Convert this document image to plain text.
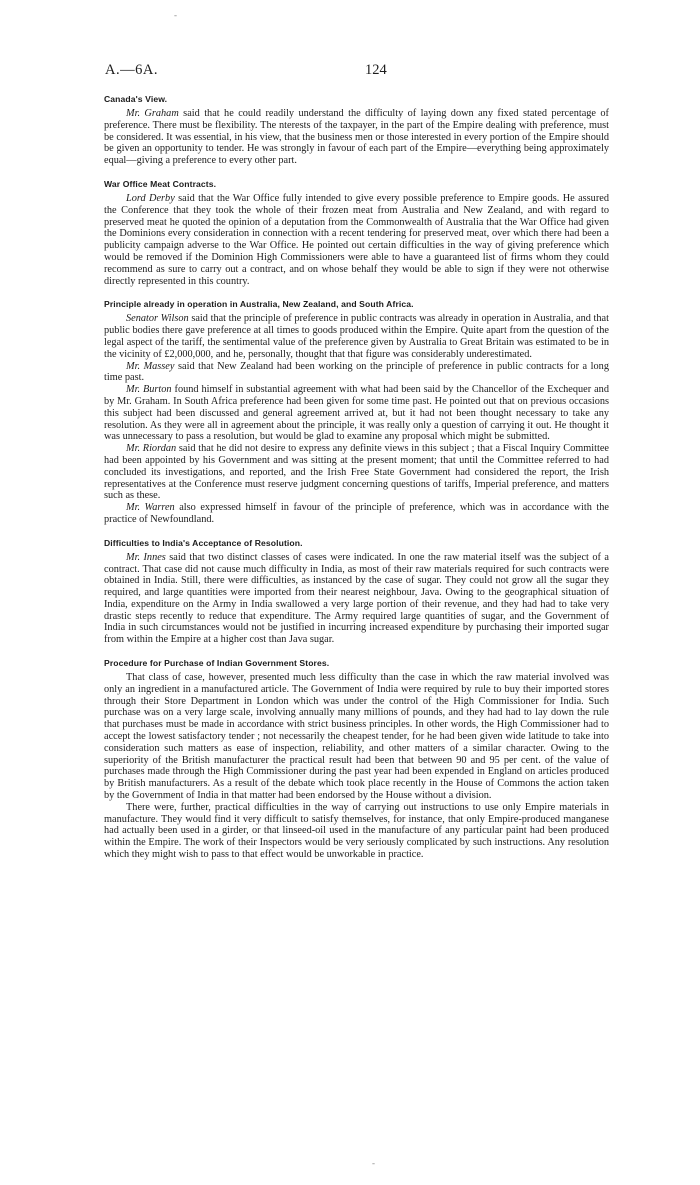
-
A.—6A.	124
Canada's View.

Mr. Graham said that he could readily understand the difficulty of laying down any fixed stated percentage of preference. There must be flexibility. The nterests of the taxpayer, in the part of the Empire dealing with preference, must be considered. It was essential, in his view, that the business men or those interested in every portion of the Empire should be given an opportunity to tender. He was strongly in favour of each part of the Empire—everything being approximately equal—giving a preference to every other part.

War Office Meat Contracts.

Lord Derby said that the War Office fully intended to give every possible preference to Empire goods. He assured the Conference that they took the whole of their frozen meat from Australia and New Zealand, and with regard to preserved meat he quoted the opinion of a deputation from the Commonwealth of Australia that the War Office had given the Dominions every consideration in connection with a recent tendering for preserved meat, over which there had been a publicity campaign adverse to the War Office. He pointed out certain difficulties in the way of giving preference which would be removed if the Dominion High Commissioners were able to have a guaranteed list of firms whom they could recommend as sure to carry out a contract, and on whose behalf they would be able to sign if they were not otherwise directly represented in this country.

Principle already in operation in Australia, New Zealand, and South Africa.

Senator Wilson said that the principle of preference in public contracts was already in operation in Australia, and that public bodies there gave preference at all times to goods produced within the Empire. Quite apart from the question of the legal aspect of the tariff, the sentimental value of the preference given by Australia to Great Britain was estimated to be in the vicinity of £2,000,000, and he, personally, thought that that figure was considerably underestimated.

Mr. Massey said that New Zealand had been working on the principle of preference in public contracts for a long time past.

Mr. Burton found himself in substantial agreement with what had been said by the Chancellor of the Exchequer and by Mr. Graham. In South Africa preference had been given for some time past. He pointed out that on previous occasions this subject had been discussed and general agreement arrived at, but it had not been thought necessary to take any resolution. As they were all in agreement about the principle, it was really only a question of carrying it out. He thought it was unnecessary to pass a resolution, but would be glad to examine any proposal which might be submitted.

Mr. Riordan said that he did not desire to express any definite views in this subject ; that a Fiscal Inquiry Committee had been appointed by his Government and was sitting at the present moment; that until the Committee referred to had concluded its investigations, and reported, and the Irish Free State Government had considered the report, the Irish representatives at the Conference must reserve judgment concerning questions of tariffs, Imperial preference, and matters such as these.

Mr. Warren also expressed himself in favour of the principle of preference, which was in accordance with the practice of Newfoundland.

Difficulties to India's Acceptance of Resolution.

Mr. Innes said that two distinct classes of cases were indicated. In one the raw material itself was the subject of a contract. That case did not cause much difficulty in India, as most of their raw materials required for such contracts were obtained in India. Still, there were difficulties, as instanced by the case of sugar. They could not grow all the sugar they required, and large quantities were imported from their nearest neighbour, Java. Owing to the geographical situation of India, expenditure on the Army in India swallowed a very large portion of their revenue, and they had had to take very drastic steps recently to reduce that expenditure. The Army required large quantities of sugar, and the Government of India in such circumstances would not be justified in incurring increased expenditure by purchasing their imported sugar from within the Empire at a higher cost than Java sugar.

Procedure for Purchase of Indian Government Stores.

That class of case, however, presented much less difficulty than the case in which the raw material involved was only an ingredient in a manufactured article. The Government of India were required by rule to buy their imported stores through their Store Department in London which was under the control of the High Commissioner for India. Such purchase was on a very large scale, involving annually many millions of pounds, and they had had to lay down the rule that purchases must be made in accordance with strict business principles. In other words, the High Commissioner had to accept the lowest satisfactory tender ; not necessarily the cheapest tender, for he had been given wide latitude to take into consideration such matters as ease of inspection, reliability, and other matters of a similar character. Owing to the superiority of the British manufacturer the practical result had been that between 90 and 95 per cent. of the value of purchases made through the High Commissioner during the past year had been expended in England on articles produced by British manufacturers. As a result of the debate which took place recently in the House of Commons the action taken by the Government of India in that matter had been endorsed by the House without a division.

There were, further, practical difficulties in the way of carrying out instructions to use only Empire materials in manufacture. They would find it very difficult to satisfy themselves, for instance, that only Empire-produced manganese had actually been used in a girder, or that linseed-oil used in the manufacture of any particular paint had been produced within the Empire. The work of their Inspectors would be very seriously complicated by such instructions. Any resolution which they might wish to pass to that effect would be unworkable in practice.

-
